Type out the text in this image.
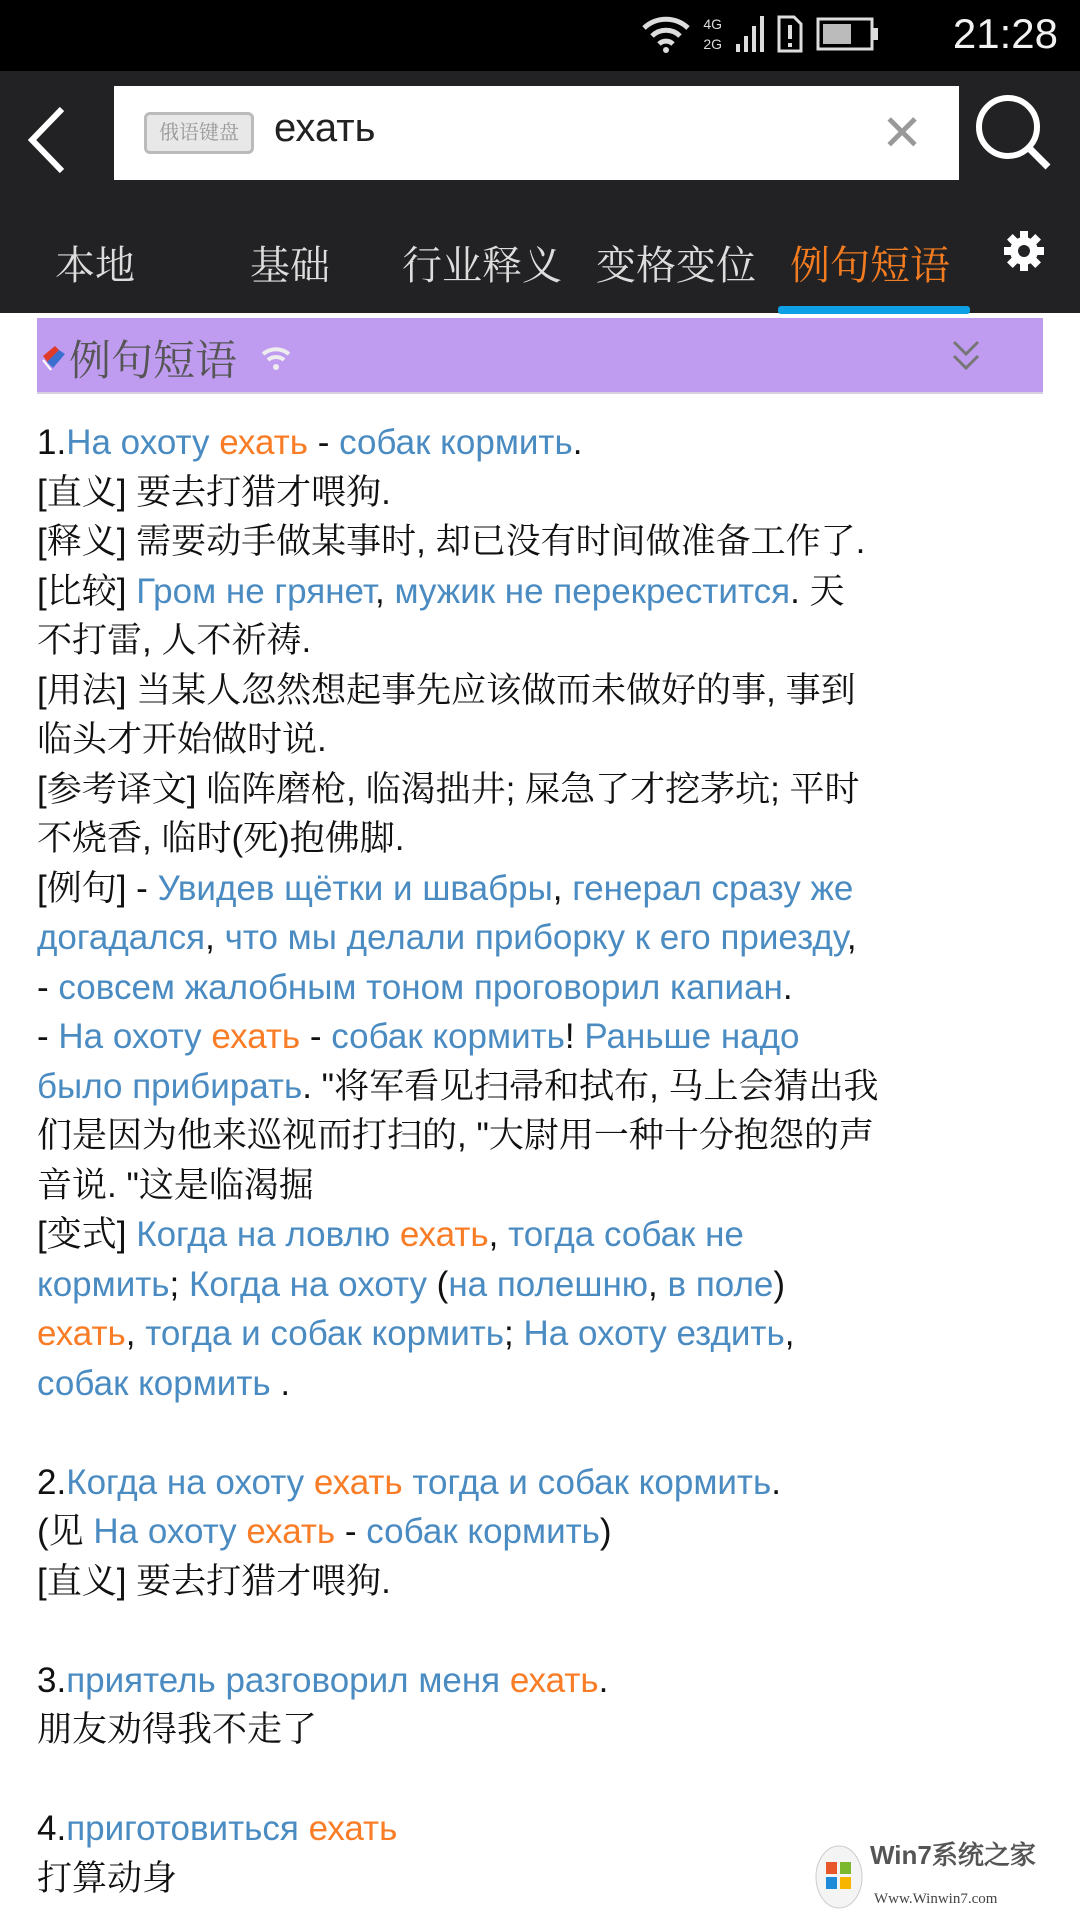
4G
2G	21:28
俄语键盘
ехать	✕
本地	基础 行业释义 变格变位 例句短语
例句短语
1.На охоту ехать - собак кормить.
[直义] 要去打猎才喂狗.
[释义] 需要动手做某事时, 却已没有时间做准备工作了.
[比较] Гром не грянет, мужик не перекрестится. 天
不打雷, 人不祈祷.
[用法] 当某人忽然想起事先应该做而未做好的事, 事到
临头才开始做时说.
[参考译文] 临阵磨枪, 临渴拙井; 屎急了才挖茅坑; 平时
不烧香, 临时(死)抱佛脚.
[例句] - Увидев щётки и швабры, генерал сразу же
догадался, что мы делали приборку к его приезду,
- совсем жалобным тоном проговорил капиан.
- На охоту ехать - собак кормить! Раньше надо
было прибирать. "将军看见扫帚和拭布, 马上会猜出我
们是因为他来巡视而打扫的, "大尉用一种十分抱怨的声
音说. "这是临渴掘
[变式] Когда на ловлю ехать, тогда собак не
кормить; Когда на охоту (на полешню, в поле)
ехать, тогда и собак кормить; На охоту ездить,
собак кормить .
2.Когда на охоту ехать тогда и собак кормить.
(见 На охоту ехать - собак кормить)
[直义] 要去打猎才喂狗.
3.приятель разговорил меня ехать.
朋友劝得我不走了
4.приготовиться ехать
打算动身
Win7系统之家
Www.Winwin7.com
